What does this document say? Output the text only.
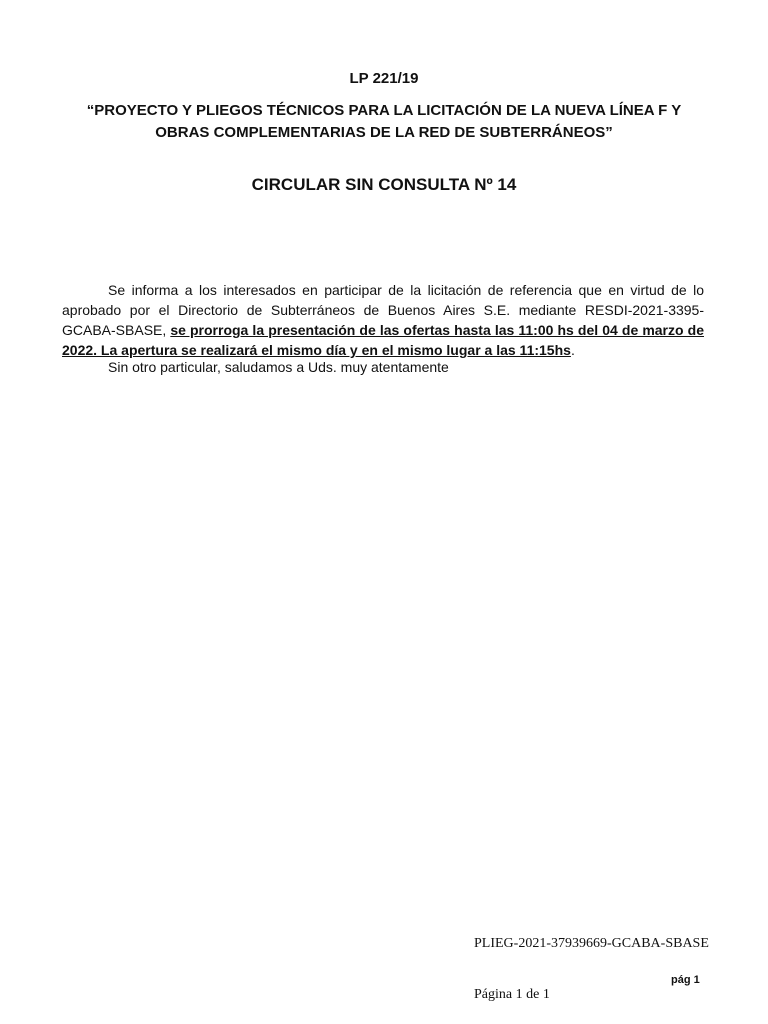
LP 221/19
“PROYECTO Y PLIEGOS TÉCNICOS PARA LA LICITACIÓN DE LA NUEVA LÍNEA F Y OBRAS COMPLEMENTARIAS DE LA RED DE SUBTERRÁNEOS”
CIRCULAR SIN CONSULTA Nº 14

Se informa a los interesados en participar de la licitación de referencia que en virtud de lo aprobado por el Directorio de Subterráneos de Buenos Aires S.E. mediante RESDI-2021-3395-GCABA-SBASE, se prorroga la presentación de las ofertas hasta las 11:00 hs del 04 de marzo de 2022. La apertura se realizará el mismo día y en el mismo lugar a las 11:15hs.

Sin otro particular, saludamos a Uds. muy atentamente

PLIEG-2021-37939669-GCABA-SBASE
pág 1
Página 1 de 1
